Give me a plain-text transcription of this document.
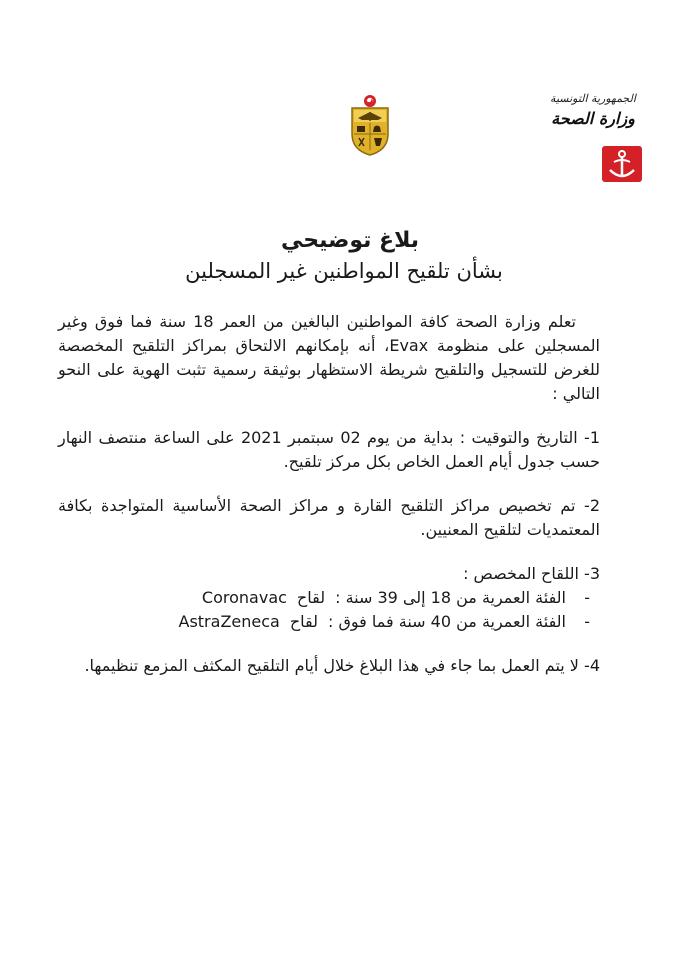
الجمهورية التونسية
وزارة الصحة
بلاغ توضيحي
بشأن تلقيح المواطنين غير المسجلين

تعلم وزارة الصحة كافة المواطنين البالغين من العمر 18 سنة فما فوق وغير المسجلين على منظومة Evax، أنه بإمكانهم الالتحاق بمراكز التلقيح المخصصة للغرض للتسجيل والتلقيح شريطة الاستظهار بوثيقة رسمية تثبت الهوية على النحو التالي :

1- التاريخ والتوقيت : بداية من يوم 02 سبتمبر 2021 على الساعة منتصف النهار حسب جدول أيام العمل الخاص بكل مركز تلقيح.
2- تم تخصيص مراكز التلقيح القارة و مراكز الصحة الأساسية المتواجدة بكافة المعتمديات لتلقيح المعنيين.
3- اللقاح المخصص :
-
الفئة العمرية من 18 إلى 39 سنة :
لقاح
Coronavac
-
الفئة العمرية من 40 سنة فما فوق :
لقاح
AstraZeneca
4- لا يتم العمل بما جاء في هذا البلاغ خلال أيام التلقيح المكثف المزمع تنظيمها.
